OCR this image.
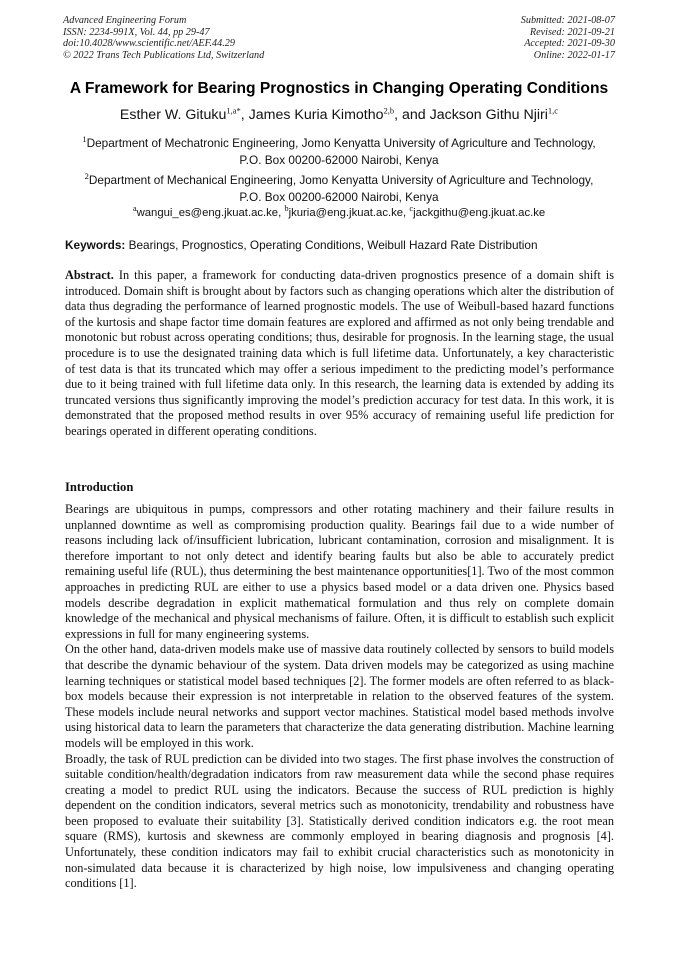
Advanced Engineering Forum
ISSN: 2234-991X, Vol. 44, pp 29-47
doi:10.4028/www.scientific.net/AEF.44.29
© 2022 Trans Tech Publications Ltd, Switzerland
Submitted: 2021-08-07
Revised: 2021-09-21
Accepted: 2021-09-30
Online: 2022-01-17
A Framework for Bearing Prognostics in Changing Operating Conditions
Esther W. Gituku$^{1,a*}$, James Kuria Kimotho$^{2,b}$, and Jackson Githu Njiri$^{1,c}$
$^1$Department of Mechatronic Engineering, Jomo Kenyatta University of Agriculture and Technology,
P.O. Box 00200-62000 Nairobi, Kenya
$^2$Department of Mechanical Engineering, Jomo Kenyatta University of Agriculture and Technology,
P.O. Box 00200-62000 Nairobi, Kenya
$^a$wangui_es@eng.jkuat.ac.ke, $^b$jkuria@eng.jkuat.ac.ke, $^c$jackgithu@eng.jkuat.ac.ke
Keywords: Bearings, Prognostics, Operating Conditions, Weibull Hazard Rate Distribution
Abstract. In this paper, a framework for conducting data-driven prognostics presence of a domain shift is introduced. Domain shift is brought about by factors such as changing operations which alter the distribution of data thus degrading the performance of learned prognostic models. The use of Weibull-based hazard functions of the kurtosis and shape factor time domain features are explored and affirmed as not only being trendable and monotonic but robust across operating conditions; thus, desirable for prognosis. In the learning stage, the usual procedure is to use the designated training data which is full lifetime data. Unfortunately, a key characteristic of test data is that its truncated which may offer a serious impediment to the predicting model’s performance due to it being trained with full lifetime data only. In this research, the learning data is extended by adding its truncated versions thus significantly improving the model’s prediction accuracy for test data. In this work, it is demonstrated that the proposed method results in over 95% accuracy of remaining useful life prediction for bearings operated in different operating conditions.
Introduction

Bearings are ubiquitous in pumps, compressors and other rotating machinery and their failure results in unplanned downtime as well as compromising production quality. Bearings fail due to a wide number of reasons including lack of/insufficient lubrication, lubricant contamination, corrosion and misalignment. It is therefore important to not only detect and identify bearing faults but also be able to accurately predict remaining useful life (RUL), thus determining the best maintenance opportunities[1]. Two of the most common approaches in predicting RUL are either to use a physics based model or a data driven one. Physics based models describe degradation in explicit mathematical formulation and thus rely on complete domain knowledge of the mechanical and physical mechanisms of failure. Often, it is difficult to establish such explicit expressions in full for many engineering systems.

On the other hand, data-driven models make use of massive data routinely collected by sensors to build models that describe the dynamic behaviour of the system. Data driven models may be categorized as using machine learning techniques or statistical model based techniques [2]. The former models are often referred to as black-box models because their expression is not interpretable in relation to the observed features of the system. These models include neural networks and support vector machines. Statistical model based methods involve using historical data to learn the parameters that characterize the data generating distribution. Machine learning models will be employed in this work.

Broadly, the task of RUL prediction can be divided into two stages. The first phase involves the construction of suitable condition/health/degradation indicators from raw measurement data while the second phase requires creating a model to predict RUL using the indicators. Because the success of RUL prediction is highly dependent on the condition indicators, several metrics such as monotonicity, trendability and robustness have been proposed to evaluate their suitability [3]. Statistically derived condition indicators e.g. the root mean square (RMS), kurtosis and skewness are commonly employed in bearing diagnosis and prognosis [4]. Unfortunately, these condition indicators may fail to exhibit crucial characteristics such as monotonicity in non-simulated data because it is characterized by high noise, low impulsiveness and changing operating conditions [1].
